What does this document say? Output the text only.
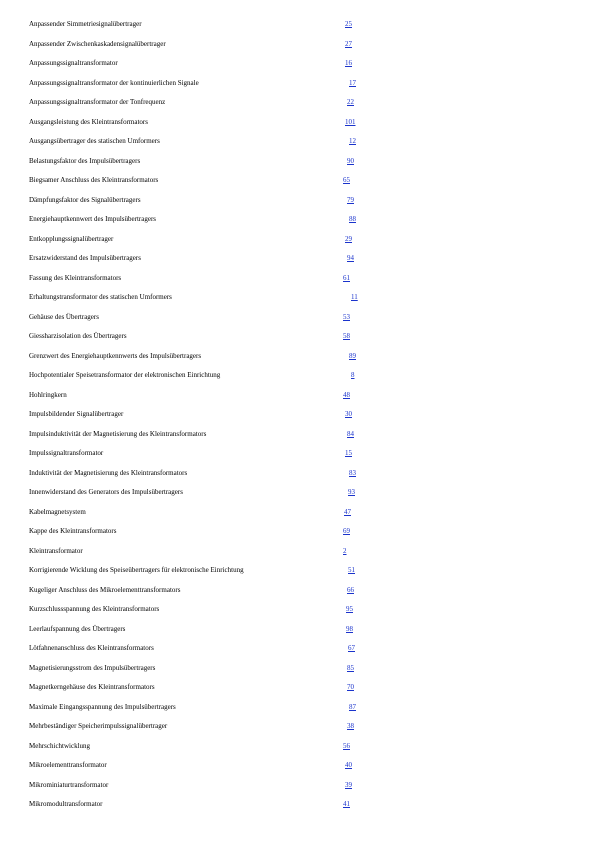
Anpassender Simmetriesignalübertrager	25
Anpassender Zwischenkaskadensignalübertrager	27
Anpassungssignaltransformator	16
Anpassungssignaltransformator der kontinuierlichen Signale	17
Anpassungssignaltransformator der Tonfrequenz	22
Ausgangsleistung des Kleintransformators	101
Ausgangsübertrager des statischen Umformers	12
Belastungsfaktor des Impulsübertragers	90
Biegsamer Anschluss des Kleintransformators	65
Dämpfungsfaktor des Signalübertragers	79
Energiehauptkennwert des Impulsübertragers	88
Entkopplungssignalübertrager	29
Ersatzwiderstand des Impulsübertragers	94
Fassung des Kleintransformators	61
Erhaltungstransformator des statischen Umformers	11
Gehäuse des Übertragers	53
Giessharzisolation des Übertragers	58
Grenzwert des Energiehauptkennwerts des Impulsübertragers	89
Hochpotentialer Speisetransformator der elektronischen Einrichtung	8
Hohlringkern	48
Impulsbildender Signalübertrager	30
Impulsinduktivität der Magnetisierung des Kleintransformators	84
Impulssignaltransformator	15
Induktivität der Magnetisierung des Kleintransformators	83
Innenwiderstand des Generators des Impulsübertragers	93
Kabelmagnetsystem	47
Kappe des Kleintransformators	69
Kleintransformator	2
Korrigierende Wicklung des Speiseübertragers für elektronische Einrichtung	51
Kugeliger Anschluss des Mikroelementtransformators	66
Kurzschlussspannung des Kleintransformators	95
Leerlaufspannung des Übertragers	98
Lötfahnenanschluss des Kleintransformators	67
Magnetisierungsstrom des Impulsübertragers	85
Magnetkerngehäuse des Kleintransformators	70
Maximale Eingangsspannung des Impulsübertragers	87
Mehrbeständiger Speicherimpulssignalübertrager	38
Mehrschichtwicklung	56
Mikroelementtransformator	40
Mikrominiaturtransformator	39
Mikromodultransformator	41
